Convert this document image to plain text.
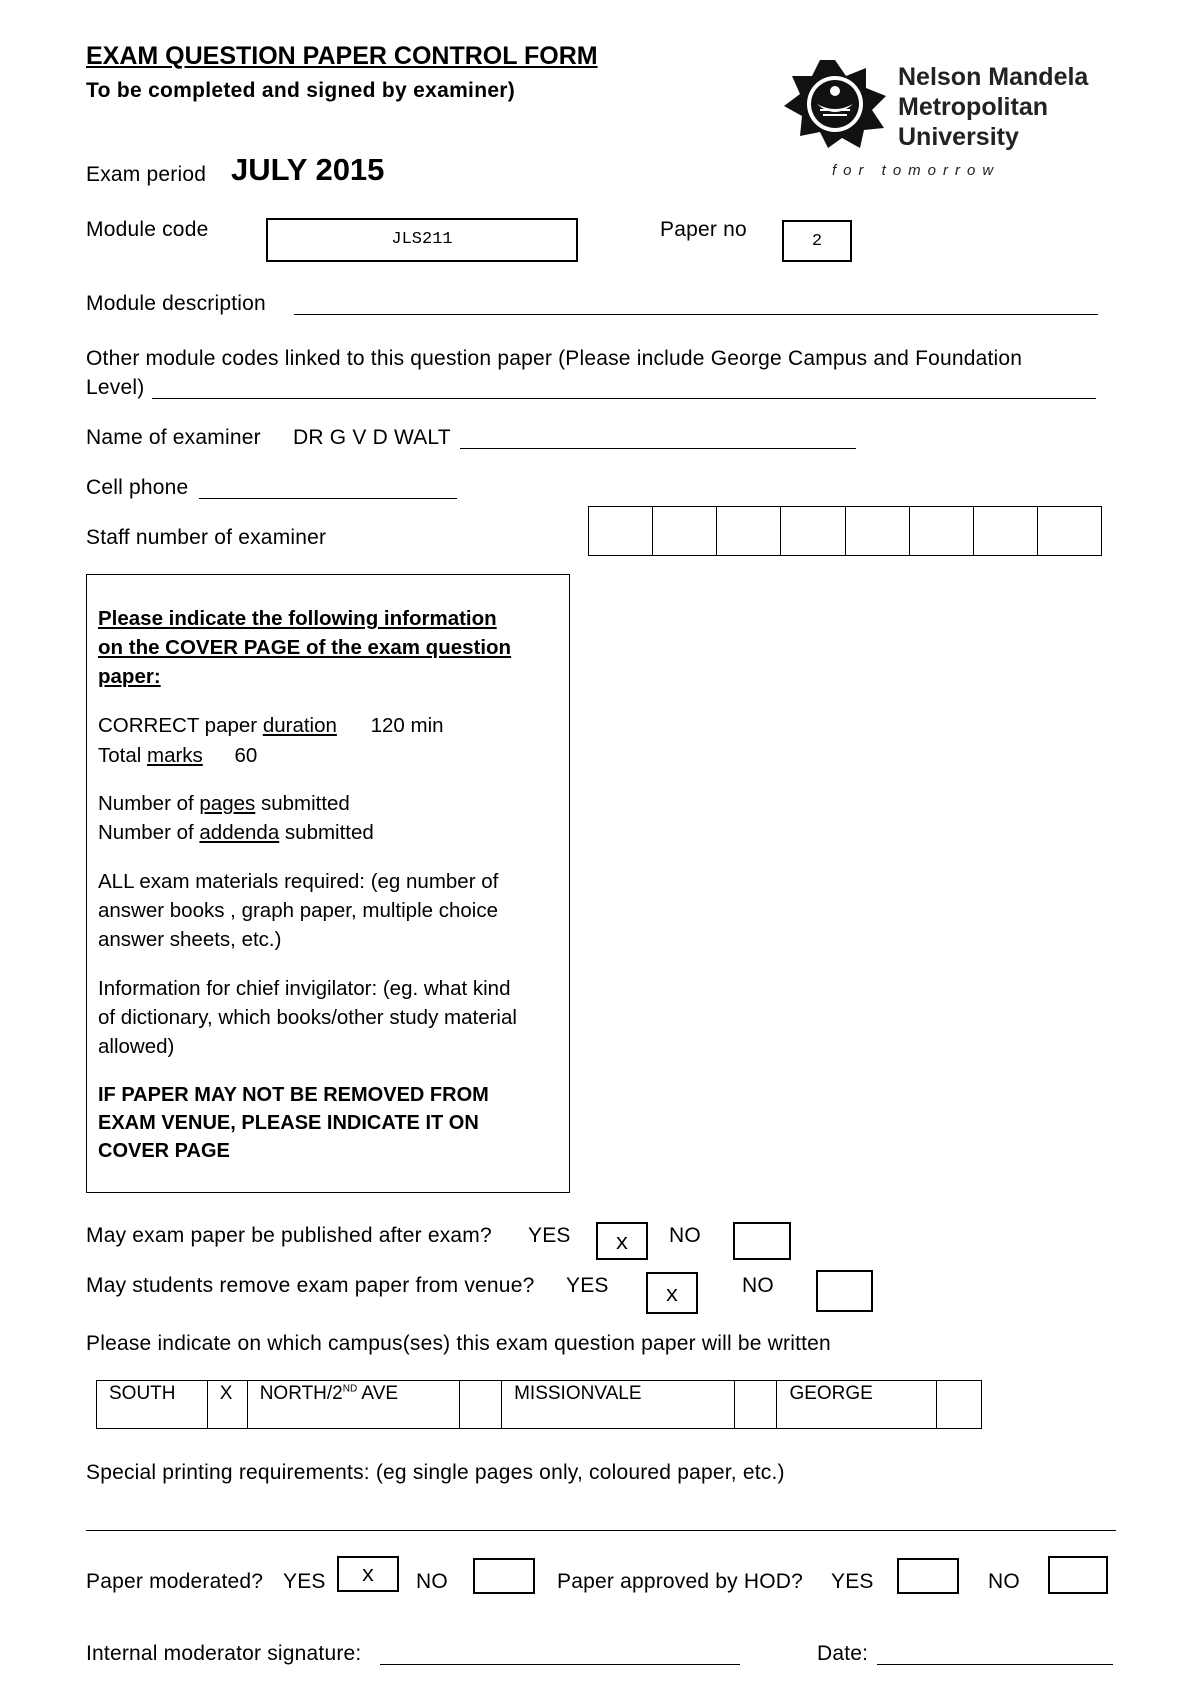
EXAM QUESTION PAPER CONTROL FORM
To be completed and signed by examiner)	Nelson Mandela
Metropolitan
University
for tomorrow
Exam period JULY 2015
Module code	JLS211	Paper no
2
Module description
Other module codes linked to this question paper (Please include George Campus and Foundation
Level)
Name of examiner DR G V D WALT
Cell phone
Staff number of examiner
Please indicate the following information
on the COVER PAGE of the exam question
paper:
CORRECT paper duration 120 min
Total marks 60
Number of pages submitted
Number of addenda submitted
ALL exam materials required: (eg number of
answer books , graph paper, multiple choice
answer sheets, etc.)
Information for chief invigilator: (eg. what kind
of dictionary, which books/other study material
allowed)
IF PAPER MAY NOT BE REMOVED FROM
EXAM VENUE, PLEASE INDICATE IT ON
COVER PAGE
May exam paper be published after exam? YES	x	NO
May students remove exam paper from venue? YES	x	NO
Please indicate on which campus(ses) this exam question paper will be written
SOUTH	X	NORTH/2ND AVE	MISSIONVALE	GEORGE
Special printing requirements: (eg single pages only, coloured paper, etc.)
Paper moderated? YES	x	NO	Paper approved by HOD? YES	NO
Internal moderator signature:	Date:
